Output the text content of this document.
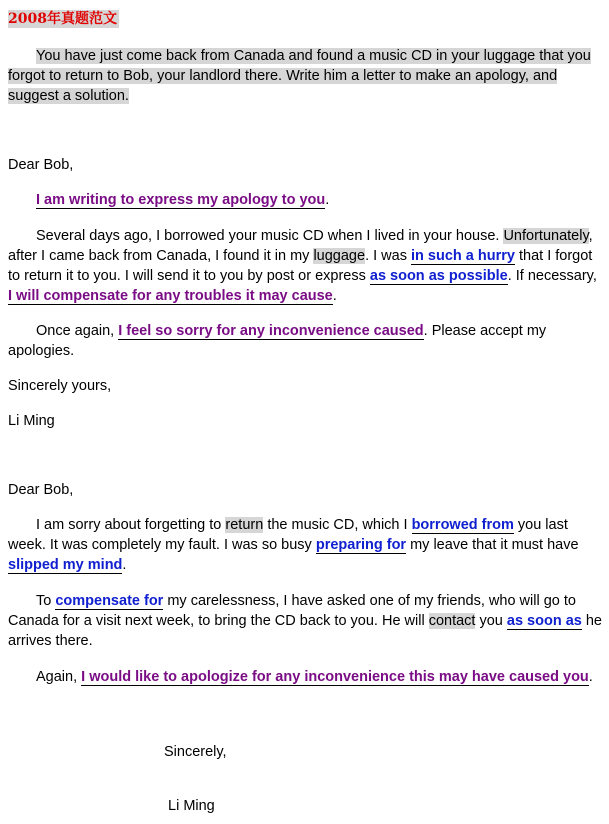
2008年真题范文

You have just come back from Canada and found a music CD in your luggage that you forgot to return to Bob, your landlord there. Write him a letter to make an apology, and suggest a solution.

Dear Bob,

I am writing to express my apology to you.

Several days ago, I borrowed your music CD when I lived in your house. Unfortunately, after I came back from Canada, I found it in my luggage. I was in such a hurry that I forgot to return it to you. I will send it to you by post or express as soon as possible. If necessary, I will compensate for any troubles it may cause.

Once again, I feel so sorry for any inconvenience caused. Please accept my apologies.

Sincerely yours,

Li Ming

Dear Bob,

I am sorry about forgetting to return the music CD, which I borrowed from you last week. It was completely my fault. I was so busy preparing for my leave that it must have slipped my mind.

To compensate for my carelessness, I have asked one of my friends, who will go to Canada for a visit next week, to bring the CD back to you. He will contact you as soon as he arrives there.

Again, I would like to apologize for any inconvenience this may have caused you.

Sincerely,

Li Ming
